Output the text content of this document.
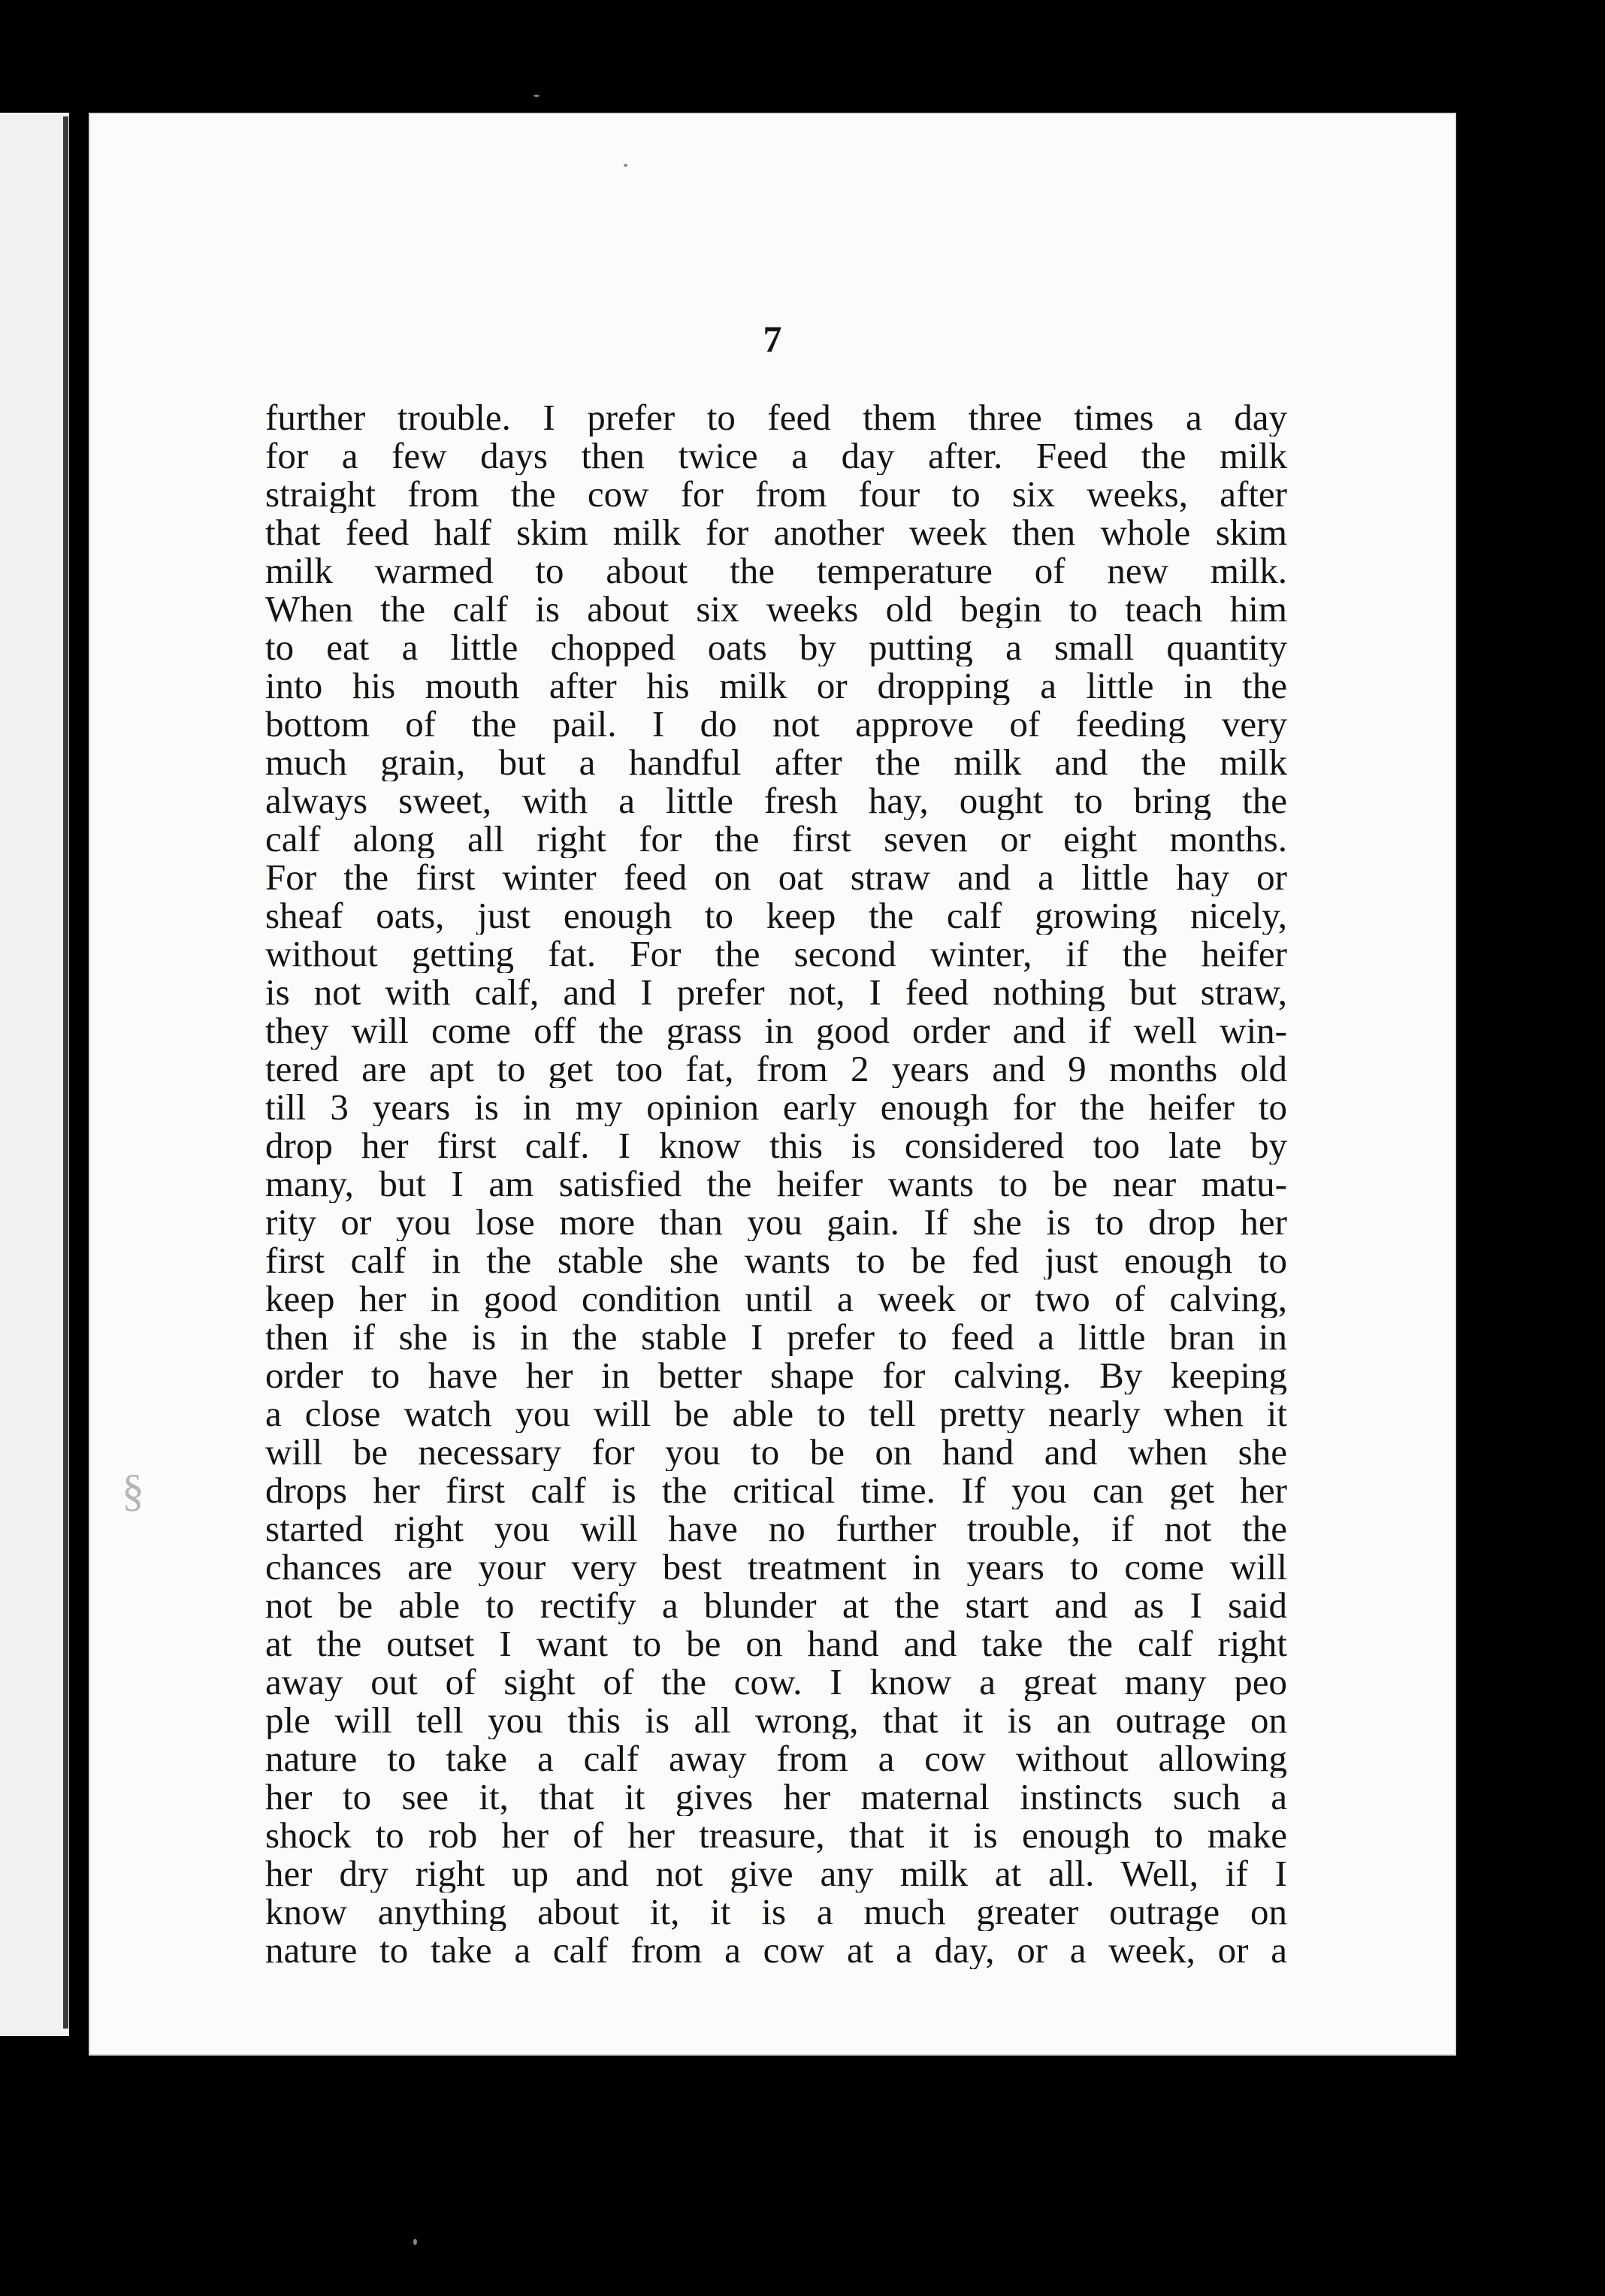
7
further trouble. I prefer to feed them three times a day
for a few days then twice a day after. Feed the milk
straight from the cow for from four to six weeks, after
that feed half skim milk for another week then whole skim
milk warmed to about the temperature of new milk.
When the calf is about six weeks old begin to teach him
to eat a little chopped oats by putting a small quantity
into his mouth after his milk or dropping a little in the
bottom of the pail. I do not approve of feeding very
much grain, but a handful after the milk and the milk
always sweet, with a little fresh hay, ought to bring the
calf along all right for the first seven or eight months.
For the first winter feed on oat straw and a little hay or
sheaf oats, just enough to keep the calf growing nicely,
without getting fat. For the second winter, if the heifer
is not with calf, and I prefer not, I feed nothing but straw,
they will come off the grass in good order and if well win-
tered are apt to get too fat, from 2 years and 9 months old
till 3 years is in my opinion early enough for the heifer to
drop her first calf. I know this is considered too late by
many, but I am satisfied the heifer wants to be near matu-
rity or you lose more than you gain. If she is to drop her
first calf in the stable she wants to be fed just enough to
keep her in good condition until a week or two of calving,
then if she is in the stable I prefer to feed a little bran in
order to have her in better shape for calving. By keeping
a close watch you will be able to tell pretty nearly when it
will be necessary for you to be on hand and when she
drops her first calf is the critical time. If you can get her
started right you will have no further trouble, if not the
chances are your very best treatment in years to come will
not be able to rectify a blunder at the start and as I said
at the outset I want to be on hand and take the calf right
away out of sight of the cow. I know a great many peo
ple will tell you this is all wrong, that it is an outrage on
nature to take a calf away from a cow without allowing
her to see it, that it gives her maternal instincts such a
shock to rob her of her treasure, that it is enough to make
her dry right up and not give any milk at all. Well, if I
know anything about it, it is a much greater outrage on
nature to take a calf from a cow at a day, or a week, or a
§
